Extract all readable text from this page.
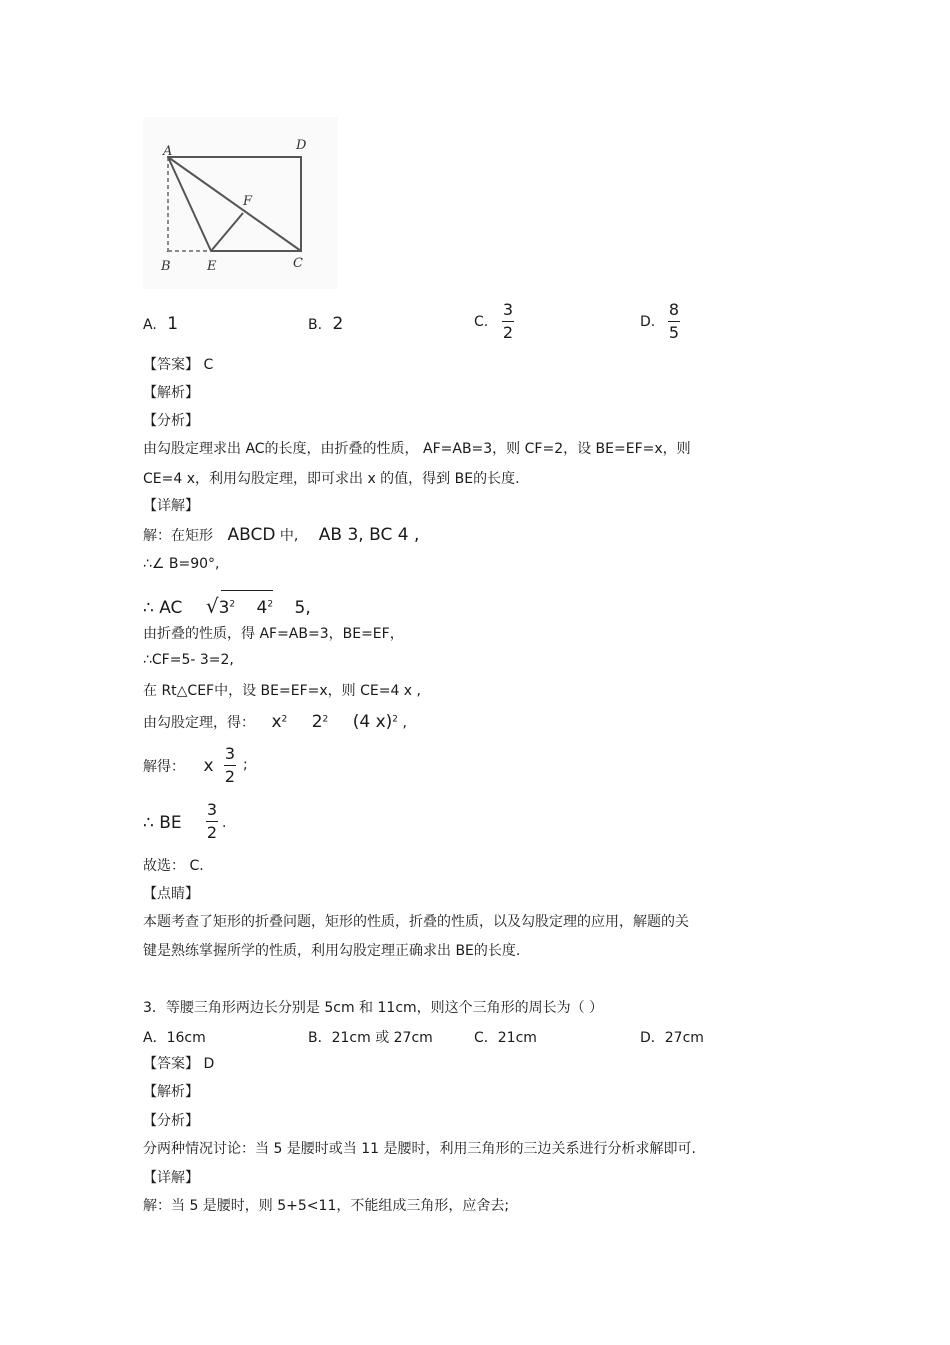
A	D
F
B	E	C
A. 1	B. 2	C.
3
2
D.
8
5
【答案】 C
【解析】
【分析】
由勾股定理求出 AC的长度，由折叠的性质， AF=AB=3，则 CF=2，设 BE=EF=x，则
CE=4 x，利用勾股定理，即可求出 x 的值，得到 BE的长度.
【详解】
解：在矩形 ABCD 中, AB 3, BC 4 ,
∴∠ B=90°,
∴ AC $√3^2$ $4^2$ 5,
由折叠的性质，得 AF=AB=3，BE=EF，
∴CF=5- 3=2,
在 Rt△CEF中，设 BE=EF=x，则 CE=4 x ,
由勾股定理，得： $x^2$ $2^2$ (4 x)$^2$ ,
解得： x
3
2
;
∴ BE
3
2 .
故选： C.
【点睛】
本题考查了矩形的折叠问题，矩形的性质，折叠的性质，以及勾股定理的应用，解题的关
键是熟练掌握所学的性质，利用勾股定理正确求出 BE的长度.
3．等腰三角形两边长分别是 5cm 和 11cm，则这个三角形的周长为（ ）
A．16cm	B．21cm 或 27cm	C．21cm	D．27cm
【答案】 D
【解析】
【分析】
分两种情况讨论：当 5 是腰时或当 11 是腰时，利用三角形的三边关系进行分析求解即可.
【详解】
解：当 5 是腰时，则 5+5<11，不能组成三角形，应舍去;
